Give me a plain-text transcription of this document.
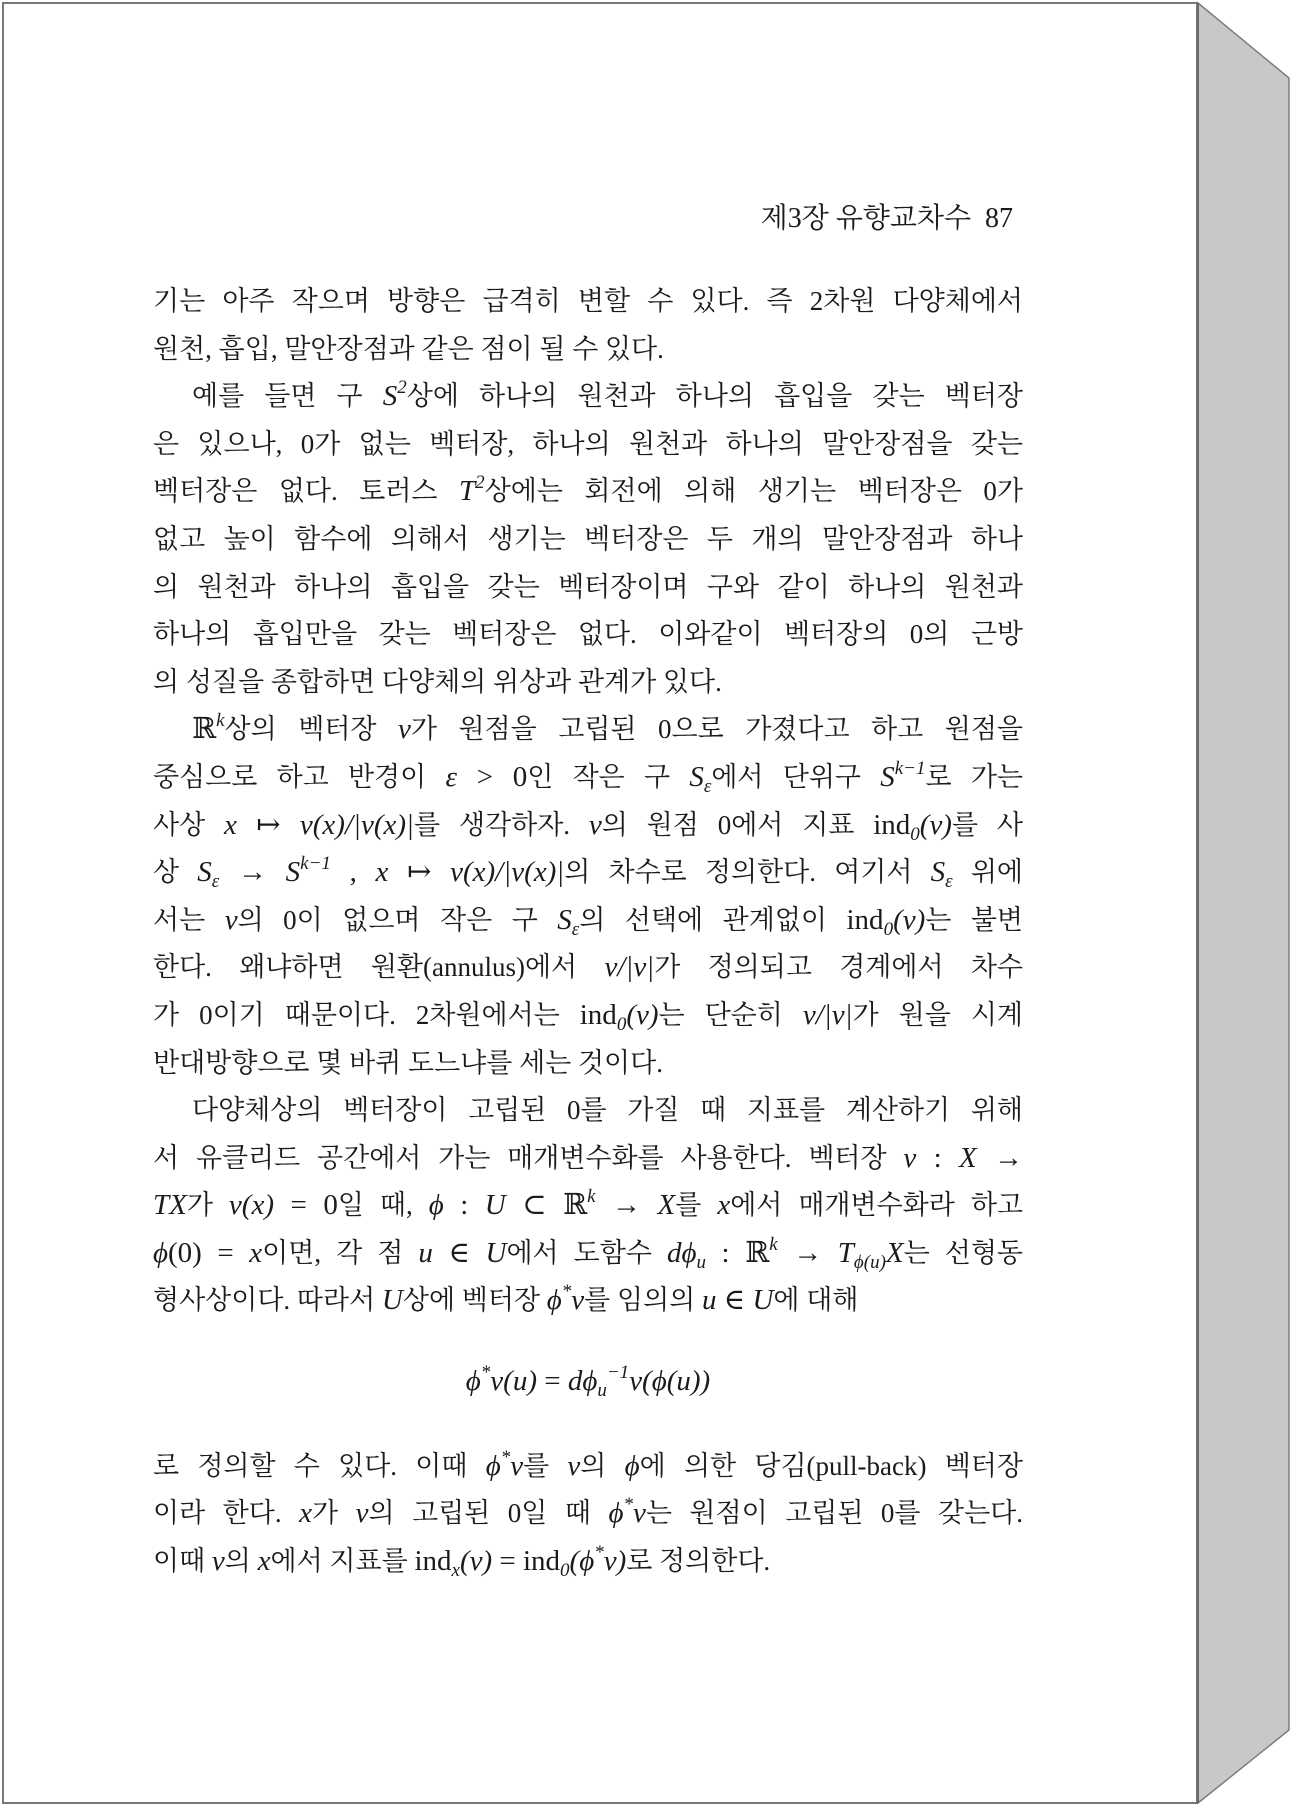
제3장 유향교차수 87
기는 아주 작으며 방향은 급격히 변할 수 있다. 즉 2차원 다양체에서
원천, 흡입, 말안장점과 같은 점이 될 수 있다.
예를 들면 구 $S^2$상에 하나의 원천과 하나의 흡입을 갖는 벡터장
은 있으나, 0가 없는 벡터장, 하나의 원천과 하나의 말안장점을 갖는
벡터장은 없다. 토러스 $T^2$상에는 회전에 의해 생기는 벡터장은 0가
없고 높이 함수에 의해서 생기는 벡터장은 두 개의 말안장점과 하나
의 원천과 하나의 흡입을 갖는 벡터장이며 구와 같이 하나의 원천과
하나의 흡입만을 갖는 벡터장은 없다. 이와같이 벡터장의 0의 근방
의 성질을 종합하면 다양체의 위상과 관계가 있다.
ℝ$^k$상의 벡터장 v가 원점을 고립된 0으로 가졌다고 하고 원점을
중심으로 하고 반경이 ε > 0인 작은 구 $S_\varepsilon$에서 단위구 $S^{k-1}$로 가는
사상 x ↦ v(x)/|v(x)|를 생각하자. v의 원점 0에서 지표 ind$_0$(v)를 사
상 $S_\varepsilon \to S^{k-1}$ , x ↦ v(x)/|v(x)|의 차수로 정의한다. 여기서 $S_\varepsilon$ 위에
서는 v의 0이 없으며 작은 구 $S_\varepsilon$의 선택에 관계없이 ind$_0$(v)는 불변
한다. 왜냐하면 원환(annulus)에서 v/|v|가 정의되고 경계에서 차수
가 0이기 때문이다. 2차원에서는 ind$_0$(v)는 단순히 v/|v|가 원을 시계
반대방향으로 몇 바퀴 도느냐를 세는 것이다.
다양체상의 벡터장이 고립된 0를 가질 때 지표를 계산하기 위해
서 유클리드 공간에서 가는 매개변수화를 사용한다. 벡터장 v : X →
TX가 v(x) = 0일 때, ϕ : U ⊂ ℝ$^k$ → X를 x에서 매개변수화라 하고
ϕ(0) = x이면, 각 점 u ∈ U에서 도함수 $d\phi_u$ : ℝ$^k$ → $T_{\phi(u)}X$는 선형동
형사상이다. 따라서 U상에 벡터장 ϕ*v를 임의의 u ∈ U에 대해
$\phi^*v(u) = d\phi_u^{-1}v(\phi(u))$
로 정의할 수 있다. 이때 ϕ*v를 v의 ϕ에 의한 당김(pull-back) 벡터장
이라 한다. x가 v의 고립된 0일 때 ϕ*v는 원점이 고립된 0를 갖는다.
이때 v의 x에서 지표를 ind$_x$(v) = ind$_0$(ϕ*v)로 정의한다.
